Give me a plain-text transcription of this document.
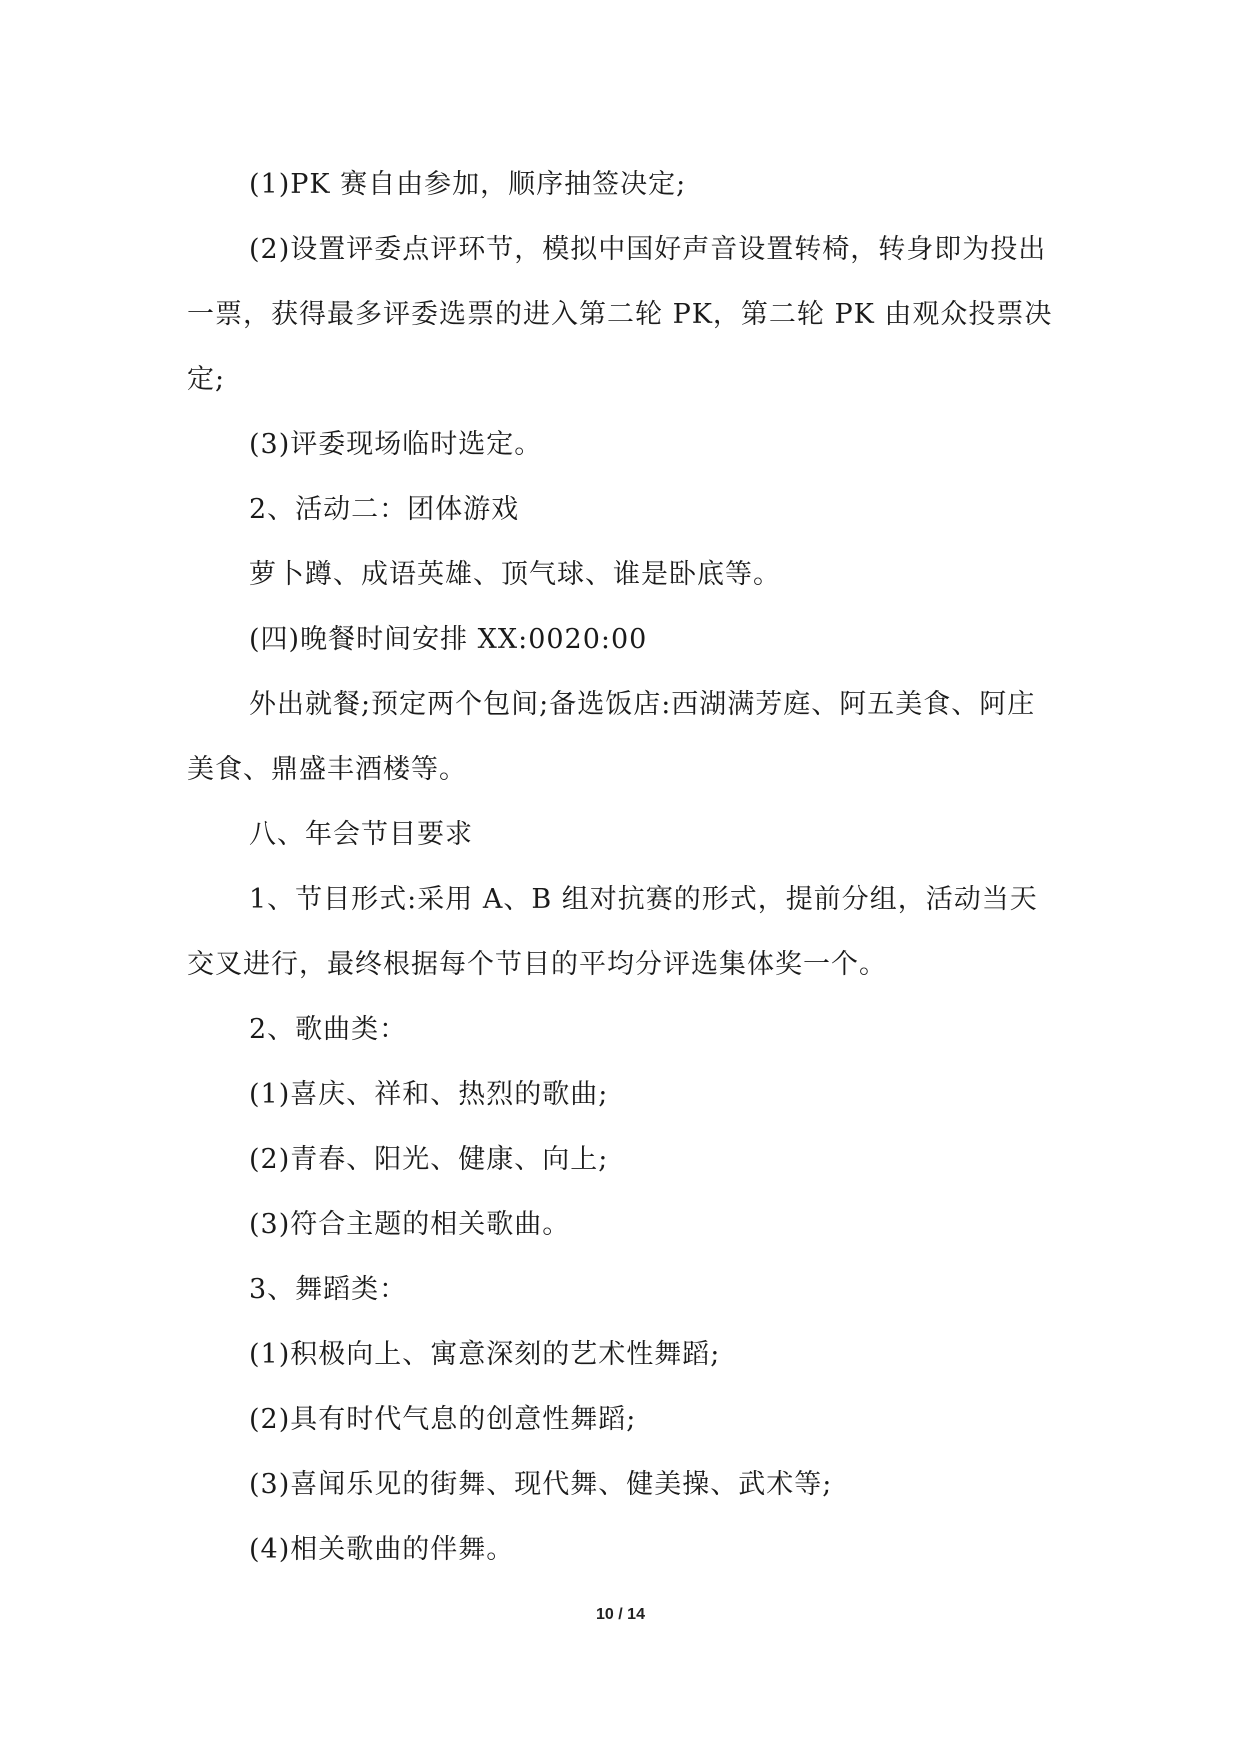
(1)PK 赛自由参加，顺序抽签决定;

(2)设置评委点评环节，模拟中国好声音设置转椅，转身即为投出一票，获得最多评委选票的进入第二轮 PK，第二轮 PK 由观众投票决定;

(3)评委现场临时选定。

2、活动二：团体游戏

萝卜蹲、成语英雄、顶气球、谁是卧底等。

(四)晚餐时间安排 XX:0020:00

外出就餐;预定两个包间;备选饭店:西湖满芳庭、阿五美食、阿庄美食、鼎盛丰酒楼等。

八、年会节目要求

1、节目形式:采用 A、B 组对抗赛的形式，提前分组，活动当天交叉进行，最终根据每个节目的平均分评选集体奖一个。

2、歌曲类：

(1)喜庆、祥和、热烈的歌曲;

(2)青春、阳光、健康、向上;

(3)符合主题的相关歌曲。

3、舞蹈类：

(1)积极向上、寓意深刻的艺术性舞蹈;

(2)具有时代气息的创意性舞蹈;

(3)喜闻乐见的街舞、现代舞、健美操、武术等;

(4)相关歌曲的伴舞。

10 / 14
